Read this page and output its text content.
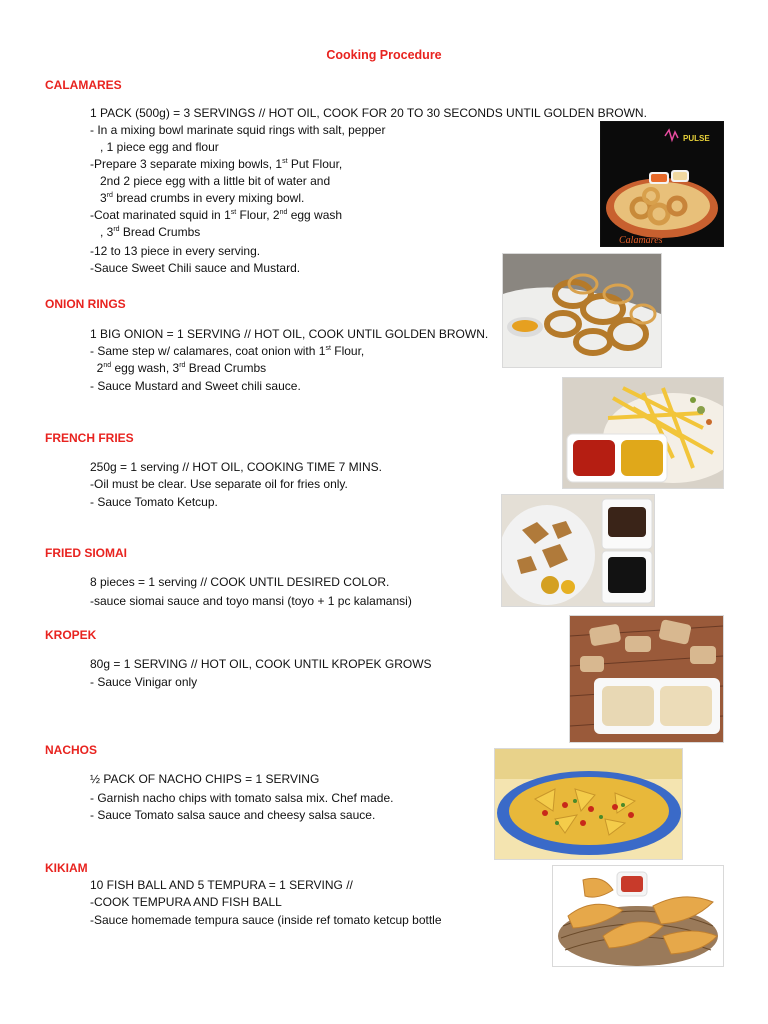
Cooking Procedure
CALAMARES
1 PACK (500g) = 3 SERVINGS // HOT OIL, COOK FOR 20 TO 30 SECONDS UNTIL GOLDEN BROWN.
- In a mixing bowl marinate squid rings with salt, pepper
, 1 piece egg and flour
-Prepare 3 separate mixing bowls, 1st Put Flour,
2nd 2 piece egg with a little bit of water and
3rd bread crumbs in every mixing bowl.
-Coat marinated squid in 1st Flour, 2nd egg wash
, 3rd Bread Crumbs
-12 to 13 piece in every serving.
-Sauce Sweet Chili sauce and Mustard.
PULSE
Calamares
ONION RINGS
1 BIG ONION = 1 SERVING // HOT OIL, COOK UNTIL GOLDEN BROWN.
- Same step w/ calamares, coat onion with 1st Flour,
2nd egg wash, 3rd Bread Crumbs
- Sauce Mustard and Sweet chili sauce.
FRENCH FRIES
250g = 1 serving // HOT OIL, COOKING TIME 7 MINS.
-Oil must be clear. Use separate oil for fries only.
- Sauce Tomato Ketcup.
FRIED SIOMAI
8 pieces = 1 serving // COOK UNTIL DESIRED COLOR.
-sauce siomai sauce and toyo mansi (toyo + 1 pc kalamansi)
KROPEK
80g = 1 SERVING // HOT OIL, COOK UNTIL KROPEK GROWS
- Sauce Vinigar only
NACHOS
½ PACK OF NACHO CHIPS = 1 SERVING
- Garnish nacho chips with tomato salsa mix. Chef made.
- Sauce Tomato salsa sauce and cheesy salsa sauce.
KIKIAM
10 FISH BALL AND 5 TEMPURA = 1 SERVING //
-COOK TEMPURA AND FISH BALL
-Sauce homemade tempura sauce (inside ref tomato ketcup bottle
